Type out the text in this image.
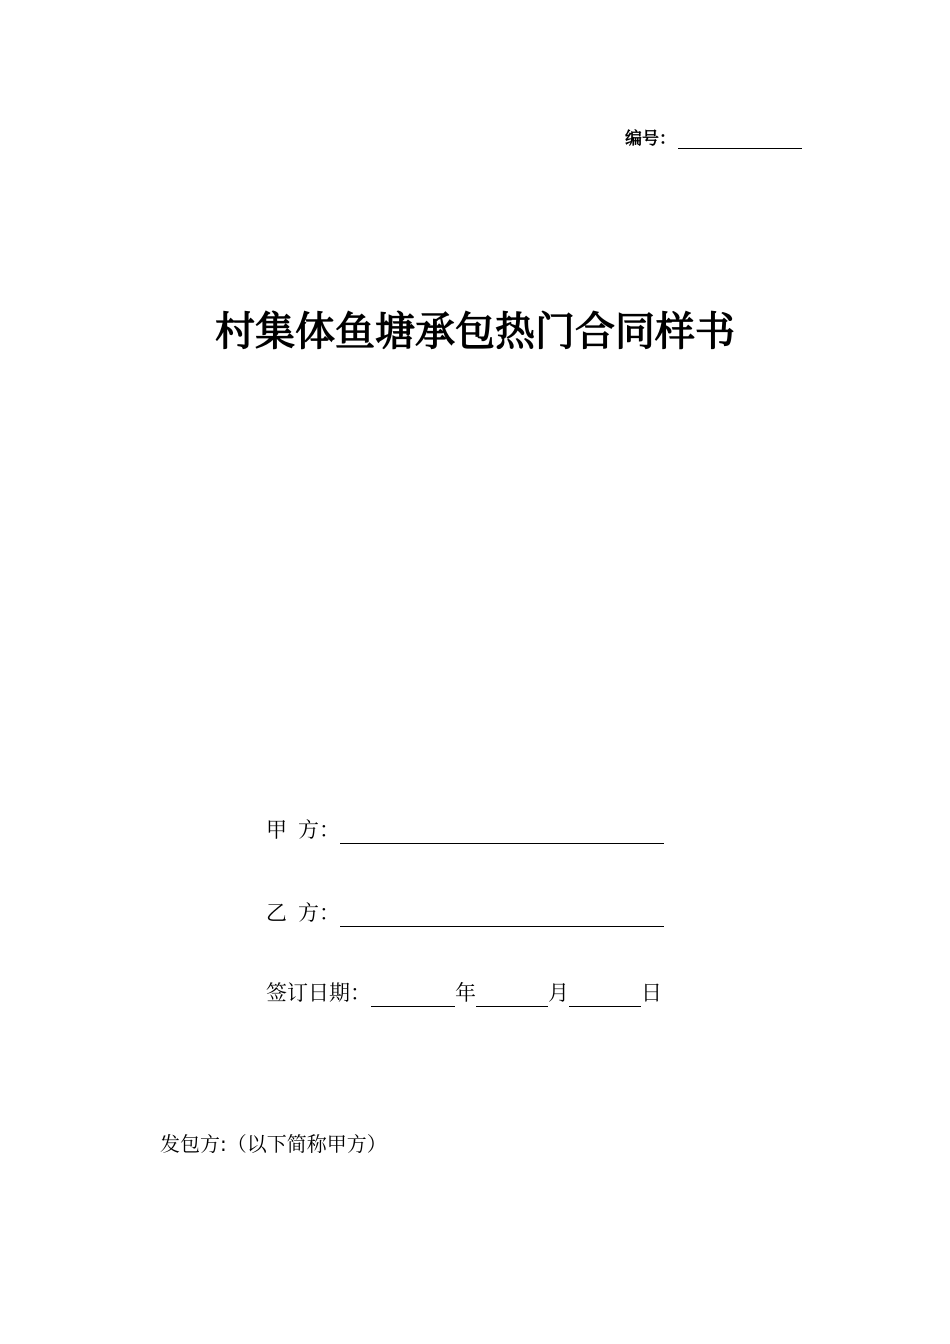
编号：
村集体鱼塘承包热门合同样书
甲 方：
乙 方：
签订日期：	年	月	日
发包方:（以下简称甲方）
